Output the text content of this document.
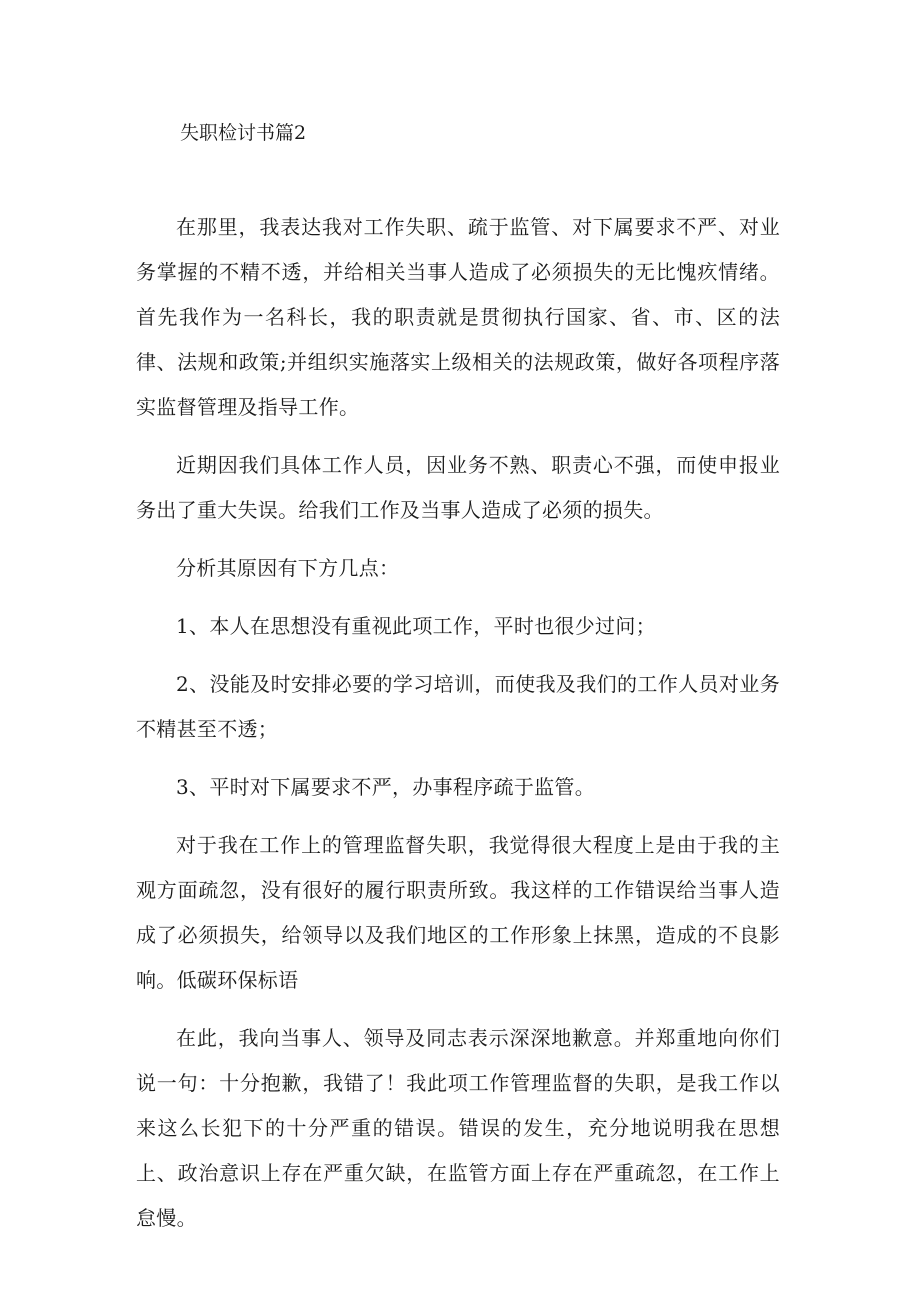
失职检讨书篇2

在那里，我表达我对工作失职、疏于监管、对下属要求不严、对业务掌握的不精不透，并给相关当事人造成了必须损失的无比愧疚情绪。首先我作为一名科长，我的职责就是贯彻执行国家、省、市、区的法律、法规和政策;并组织实施落实上级相关的法规政策，做好各项程序落实监督管理及指导工作。

近期因我们具体工作人员，因业务不熟、职责心不强，而使申报业务出了重大失误。给我们工作及当事人造成了必须的损失。

分析其原因有下方几点：

1、本人在思想没有重视此项工作，平时也很少过问；

2、没能及时安排必要的学习培训，而使我及我们的工作人员对业务不精甚至不透；

3、平时对下属要求不严，办事程序疏于监管。

对于我在工作上的管理监督失职，我觉得很大程度上是由于我的主观方面疏忽，没有很好的履行职责所致。我这样的工作错误给当事人造成了必须损失，给领导以及我们地区的工作形象上抹黑，造成的不良影响。低碳环保标语

在此，我向当事人、领导及同志表示深深地歉意。并郑重地向你们说一句：十分抱歉，我错了！我此项工作管理监督的失职，是我工作以来这么长犯下的十分严重的错误。错误的发生，充分地说明我在思想上、政治意识上存在严重欠缺，在监管方面上存在严重疏忽，在工作上怠慢。
